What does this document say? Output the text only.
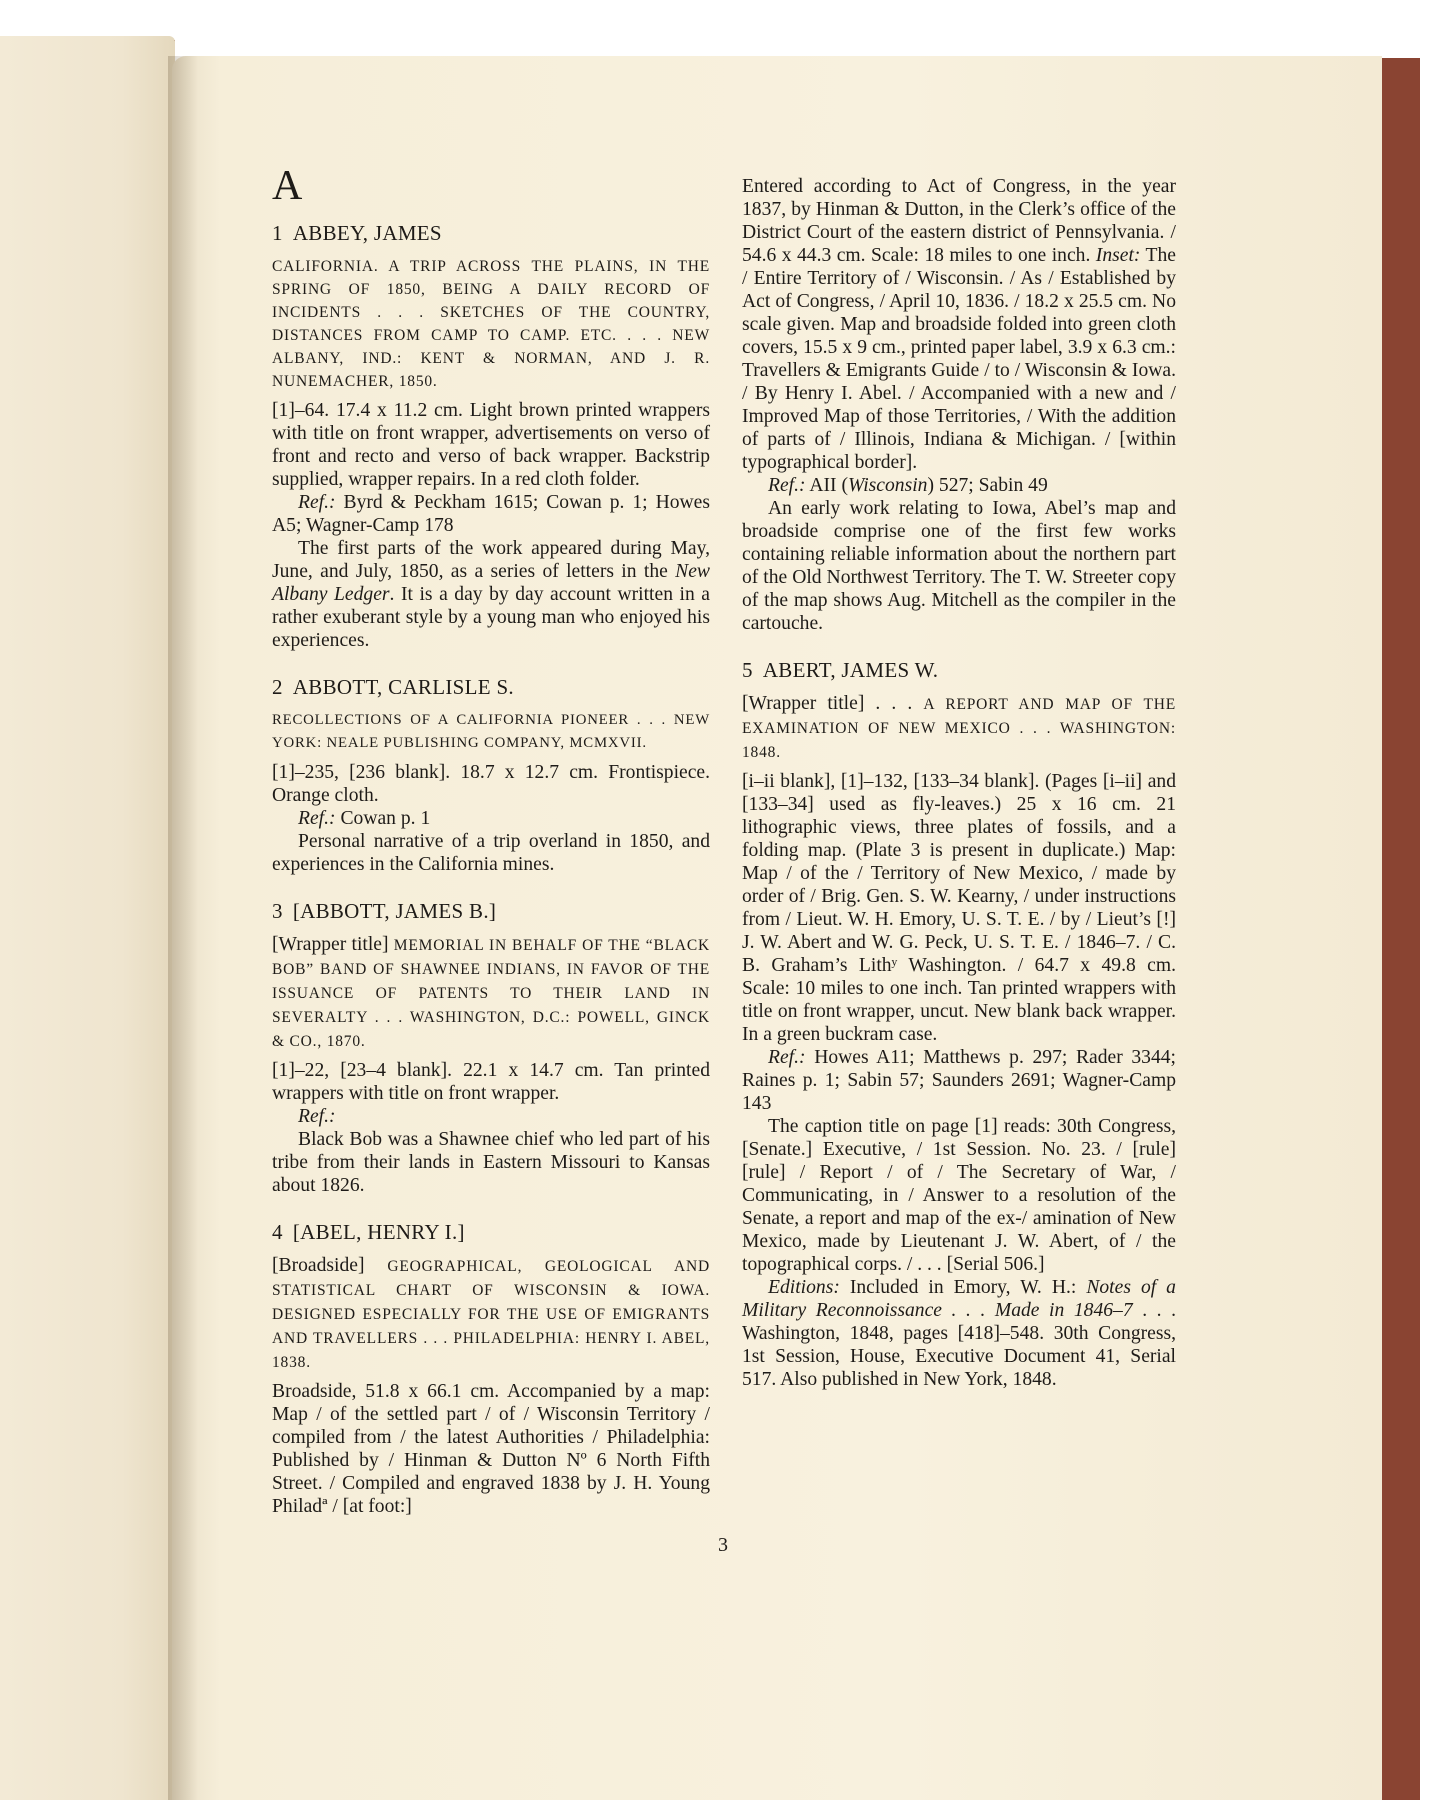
A
1 ABBEY, JAMES

CALIFORNIA. A TRIP ACROSS THE PLAINS, IN THE SPRING OF 1850, BEING A DAILY RECORD OF INCIDENTS . . . SKETCHES OF THE COUNTRY, DISTANCES FROM CAMP TO CAMP. ETC. . . . NEW ALBANY, IND.: KENT & NORMAN, AND J. R. NUNEMACHER, 1850.

[1]–64. 17.4 x 11.2 cm. Light brown printed wrappers with title on front wrapper, advertisements on verso of front and recto and verso of back wrapper. Backstrip supplied, wrapper repairs. In a red cloth folder.

Ref.: Byrd & Peckham 1615; Cowan p. 1; Howes A5; Wagner-Camp 178

The first parts of the work appeared during May, June, and July, 1850, as a series of letters in the New Albany Ledger. It is a day by day account written in a rather exuberant style by a young man who enjoyed his experiences.

2 ABBOTT, CARLISLE S.

RECOLLECTIONS OF A CALIFORNIA PIONEER . . . NEW YORK: NEALE PUBLISHING COMPANY, MCMXVII.

[1]–235, [236 blank]. 18.7 x 12.7 cm. Frontispiece. Orange cloth.

Ref.: Cowan p. 1

Personal narrative of a trip overland in 1850, and experiences in the California mines.

3 [ABBOTT, JAMES B.]

[Wrapper title] MEMORIAL IN BEHALF OF THE “BLACK BOB” BAND OF SHAWNEE INDIANS, IN FAVOR OF THE ISSUANCE OF PATENTS TO THEIR LAND IN SEVERALTY . . . WASHINGTON, D.C.: POWELL, GINCK & CO., 1870.

[1]–22, [23–4 blank]. 22.1 x 14.7 cm. Tan printed wrappers with title on front wrapper.

Ref.:

Black Bob was a Shawnee chief who led part of his tribe from their lands in Eastern Missouri to Kansas about 1826.

4 [ABEL, HENRY I.]

[Broadside] GEOGRAPHICAL, GEOLOGICAL AND STATISTICAL CHART OF WISCONSIN & IOWA. DESIGNED ESPECIALLY FOR THE USE OF EMIGRANTS AND TRAVELLERS . . . PHILADELPHIA: HENRY I. ABEL, 1838.

Broadside, 51.8 x 66.1 cm. Accompanied by a map: Map / of the settled part / of / Wisconsin Territory / compiled from / the latest Authorities / Philadelphia: Published by / Hinman & Dutton Nº 6 North Fifth Street. / Compiled and engraved 1838 by J. H. Young Philadª / [at foot:]

Entered according to Act of Congress, in the year 1837, by Hinman & Dutton, in the Clerk’s office of the District Court of the eastern district of Pennsylvania. / 54.6 x 44.3 cm. Scale: 18 miles to one inch. Inset: The / Entire Territory of / Wisconsin. / As / Established by Act of Congress, / April 10, 1836. / 18.2 x 25.5 cm. No scale given. Map and broadside folded into green cloth covers, 15.5 x 9 cm., printed paper label, 3.9 x 6.3 cm.: Travellers & Emigrants Guide / to / Wisconsin & Iowa. / By Henry I. Abel. / Accompanied with a new and / Improved Map of those Territories, / With the addition of parts of / Illinois, Indiana & Michigan. / [within typographical border].

Ref.: AII (Wisconsin) 527; Sabin 49

An early work relating to Iowa, Abel’s map and broadside comprise one of the first few works containing reliable information about the northern part of the Old Northwest Territory. The T. W. Streeter copy of the map shows Aug. Mitchell as the compiler in the cartouche.

5 ABERT, JAMES W.

[Wrapper title] . . . A REPORT AND MAP OF THE EXAMINATION OF NEW MEXICO . . . WASHINGTON: 1848.

[i–ii blank], [1]–132, [133–34 blank]. (Pages [i–ii] and [133–34] used as fly-leaves.) 25 x 16 cm. 21 lithographic views, three plates of fossils, and a folding map. (Plate 3 is present in duplicate.) Map: Map / of the / Territory of New Mexico, / made by order of / Brig. Gen. S. W. Kearny, / under instructions from / Lieut. W. H. Emory, U. S. T. E. / by / Lieut’s [!] J. W. Abert and W. G. Peck, U. S. T. E. / 1846–7. / C. B. Graham’s Lithʸ Washington. / 64.7 x 49.8 cm. Scale: 10 miles to one inch. Tan printed wrappers with title on front wrapper, uncut. New blank back wrapper. In a green buckram case.

Ref.: Howes A11; Matthews p. 297; Rader 3344; Raines p. 1; Sabin 57; Saunders 2691; Wagner-Camp 143

The caption title on page [1] reads: 30th Congress, [Senate.] Executive, / 1st Session. No. 23. / [rule] [rule] / Report / of / The Secretary of War, / Communicating, in / Answer to a resolution of the Senate, a report and map of the ex-/ amination of New Mexico, made by Lieutenant J. W. Abert, of / the topographical corps. / . . . [Serial 506.]

Editions: Included in Emory, W. H.: Notes of a Military Reconnoissance . . . Made in 1846–7 . . . Washington, 1848, pages [418]–548. 30th Congress, 1st Session, House, Executive Document 41, Serial 517. Also published in New York, 1848.

3
